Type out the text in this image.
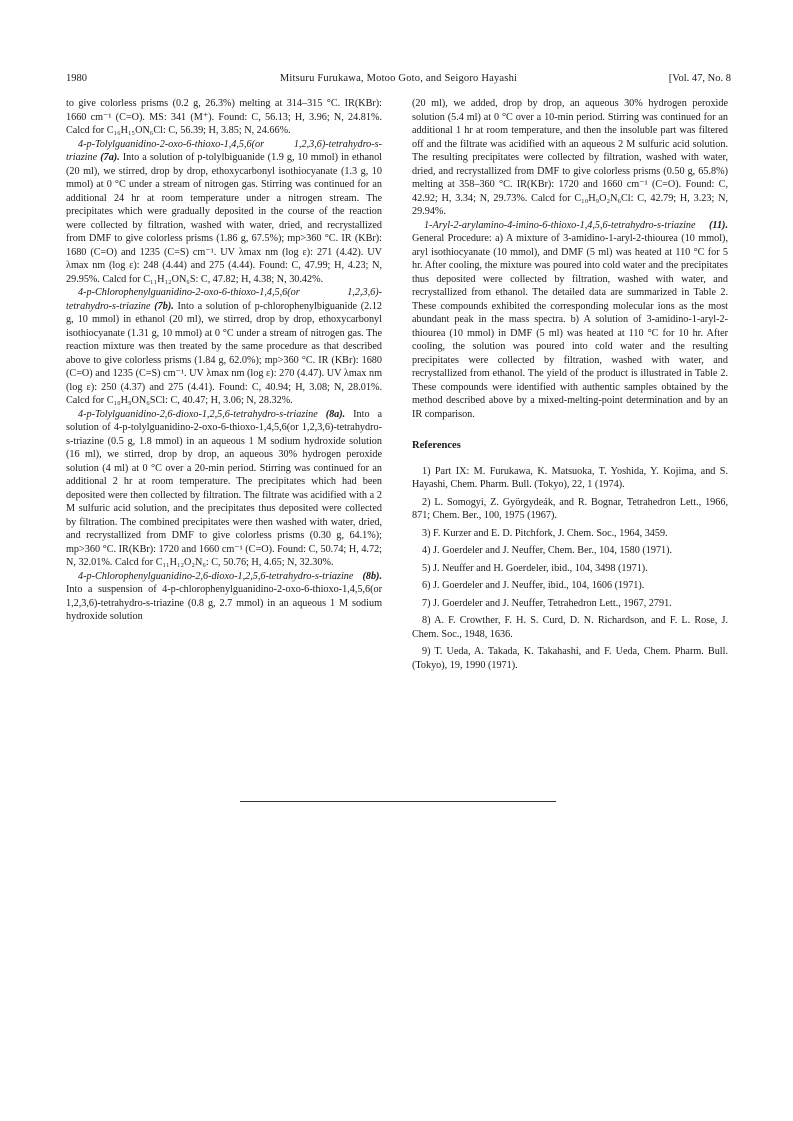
1980	Mitsuru Furukawa, Motoo Goto, and Seigoro Hayashi	[Vol. 47, No. 8

to give colorless prisms (0.2 g, 26.3%) melting at 314–315 °C. IR(KBr): 1660 cm⁻¹ (C=O). MS: 341 (M⁺). Found: C, 56.13; H, 3.96; N, 24.81%. Calcd for C₁₆H₁₅ON₆Cl: C, 56.39; H, 3.85; N, 24.66%.

4-p-Tolylguanidino-2-oxo-6-thioxo-1,4,5,6(or 1,2,3,6)-tetrahydro-s-triazine (7a). Into a solution of p-tolylbiguanide (1.9 g, 10 mmol) in ethanol (20 ml), we stirred, drop by drop, ethoxycarbonyl isothiocyanate (1.3 g, 10 mmol) at 0 °C under a stream of nitrogen gas. Stirring was continued for an additional 24 hr at room temperature under a nitrogen stream. The precipitates which were gradually deposited in the course of the reaction were collected by filtration, washed with water, dried, and recrystallized from DMF to give colorless prisms (1.86 g, 67.5%); mp>360 °C. IR (KBr): 1680 (C=O) and 1235 (C=S) cm⁻¹. UV λmax nm (log ε): 271 (4.42). UV λmax nm (log ε): 248 (4.44) and 275 (4.44). Found: C, 47.99; H, 4.23; N, 29.95%. Calcd for C₁₁H₁₂ON₆S: C, 47.82; H, 4.38; N, 30.42%.

4-p-Chlorophenylguanidino-2-oxo-6-thioxo-1,4,5,6(or 1,2,3,6)-tetrahydro-s-triazine (7b). Into a solution of p-chlorophenylbiguanide (2.12 g, 10 mmol) in ethanol (20 ml), we stirred, drop by drop, ethoxycarbonyl isothiocyanate (1.31 g, 10 mmol) at 0 °C under a stream of nitrogen gas. The reaction mixture was then treated by the same procedure as that described above to give colorless prisms (1.84 g, 62.0%); mp>360 °C. IR (KBr): 1680 (C=O) and 1235 (C=S) cm⁻¹. UV λmax nm (log ε): 270 (4.47). UV λmax nm (log ε): 250 (4.37) and 275 (4.41). Found: C, 40.94; H, 3.08; N, 28.01%. Calcd for C₁₀H₉ON₆SCl: C, 40.47; H, 3.06; N, 28.32%.

4-p-Tolylguanidino-2,6-dioxo-1,2,5,6-tetrahydro-s-triazine (8a). Into a solution of 4-p-tolylguanidino-2-oxo-6-thioxo-1,4,5,6(or 1,2,3,6)-tetrahydro-s-triazine (0.5 g, 1.8 mmol) in an aqueous 1 M sodium hydroxide solution (16 ml), we stirred, drop by drop, an aqueous 30% hydrogen peroxide solution (4 ml) at 0 °C over a 20-min period. Stirring was continued for an additional 2 hr at room temperature. The precipitates which had been deposited were then collected by filtration. The filtrate was acidified with a 2 M sulfuric acid solution, and the precipitates thus deposited were collected by filtration. The combined precipitates were then washed with water, dried, and recrystallized from DMF to give colorless prisms (0.30 g, 64.1%); mp>360 °C. IR(KBr): 1720 and 1660 cm⁻¹ (C=O). Found: C, 50.74; H, 4.72; N, 32.01%. Calcd for C₁₁H₁₂O₂N₆: C, 50.76; H, 4.65; N, 32.30%.

4-p-Chlorophenylguanidino-2,6-dioxo-1,2,5,6-tetrahydro-s-triazine (8b). Into a suspension of 4-p-chlorophenylguanidino-2-oxo-6-thioxo-1,4,5,6(or 1,2,3,6)-tetrahydro-s-triazine (0.8 g, 2.7 mmol) in an aqueous 1 M sodium hydroxide solution

(20 ml), we added, drop by drop, an aqueous 30% hydrogen peroxide solution (5.4 ml) at 0 °C over a 10-min period. Stirring was continued for an additional 1 hr at room temperature, and then the insoluble part was filtered off and the filtrate was acidified with an aqueous 2 M sulfuric acid solution. The resulting precipitates were collected by filtration, washed with water, dried, and recrystallized from DMF to give colorless prisms (0.50 g, 65.8%) melting at 358–360 °C. IR(KBr): 1720 and 1660 cm⁻¹ (C=O). Found: C, 42.92; H, 3.34; N, 29.73%. Calcd for C₁₀H₉O₂N₆Cl: C, 42.79; H, 3.23; N, 29.94%.

1-Aryl-2-arylamino-4-imino-6-thioxo-1,4,5,6-tetrahydro-s-triazine (11). General Procedure: a) A mixture of 3-amidino-1-aryl-2-thiourea (10 mmol), aryl isothiocyanate (10 mmol), and DMF (5 ml) was heated at 110 °C for 5 hr. After cooling, the mixture was poured into cold water and the precipitates thus deposited were collected by filtration, washed with water, and recrystallized from ethanol. The detailed data are summarized in Table 2. These compounds exhibited the corresponding molecular ions as the most abundant peak in the mass spectra. b) A solution of 3-amidino-1-aryl-2-thiourea (10 mmol) in DMF (5 ml) was heated at 110 °C for 10 hr. After cooling, the solution was poured into cold water and the resulting precipitates were collected by filtration, washed with water, and recrystallized from ethanol. The yield of the product is illustrated in Table 2. These compounds were identified with authentic samples obtained by the method described above by a mixed-melting-point determination and by an IR comparison.

References
1) Part IX: M. Furukawa, K. Matsuoka, T. Yoshida, Y. Kojima, and S. Hayashi, Chem. Pharm. Bull. (Tokyo), 22, 1 (1974).
2) L. Somogyi, Z. Györgydeák, and R. Bognar, Tetrahedron Lett., 1966, 871; Chem. Ber., 100, 1975 (1967).
3) F. Kurzer and E. D. Pitchfork, J. Chem. Soc., 1964, 3459.
4) J. Goerdeler and J. Neuffer, Chem. Ber., 104, 1580 (1971).
5) J. Neuffer and H. Goerdeler, ibid., 104, 3498 (1971).
6) J. Goerdeler and J. Neuffer, ibid., 104, 1606 (1971).
7) J. Goerdeler and J. Neuffer, Tetrahedron Lett., 1967, 2791.
8) A. F. Crowther, F. H. S. Curd, D. N. Richardson, and F. L. Rose, J. Chem. Soc., 1948, 1636.
9) T. Ueda, A. Takada, K. Takahashi, and F. Ueda, Chem. Pharm. Bull. (Tokyo), 19, 1990 (1971).
